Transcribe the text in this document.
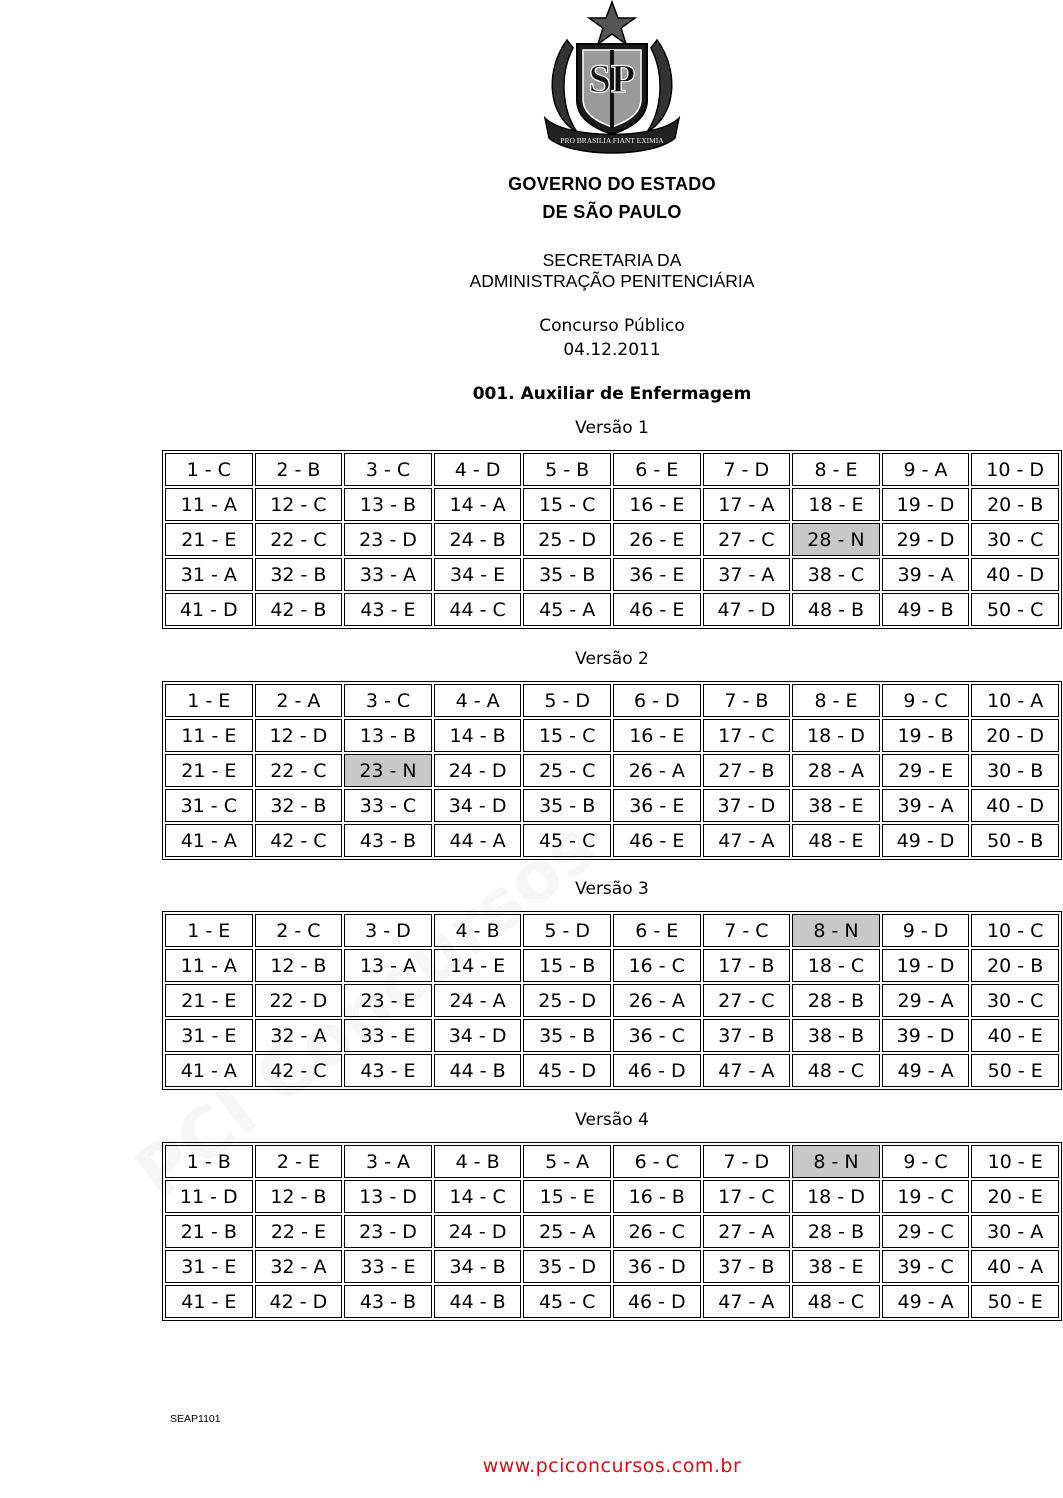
SP
PRO BRASILIA FIANT EXIMIA
GOVERNO DO ESTADO
DE SÃO PAULO
SECRETARIA DA
ADMINISTRAÇÃO PENITENCIÁRIA
Concurso Público
04.12.2011
001. Auxiliar de Enfermagem
Versão 1
1 - C	2 - B	3 - C	4 - D	5 - B	6 - E	7 - D	8 - E	9 - A	10 - D
11 - A	12 - C	13 - B	14 - A	15 - C	16 - E	17 - A	18 - E	19 - D	20 - B
21 - E	22 - C	23 - D	24 - B	25 - D	26 - E	27 - C	28 - N	29 - D	30 - C
31 - A	32 - B	33 - A	34 - E	35 - B	36 - E	37 - A	38 - C	39 - A	40 - D
41 - D	42 - B	43 - E	44 - C	45 - A	46 - E	47 - D	48 - B	49 - B	50 - C
Versão 2
1 - E	2 - A	3 - C	4 - A	5 - D	6 - D	7 - B	8 - E	9 - C	10 - A
11 - E	12 - D	13 - B	14 - B	15 - C	16 - E	17 - C	18 - D	19 - B	20 - D
21 - E	22 - C	23 - N	24 - D	25 - C	26 - A	27 - B	28 - A	29 - E	30 - B
31 - C	32 - B	33 - C	34 - D	35 - B	36 - E	37 - D	38 - E	39 - A	40 - D
41 - A	42 - C	43 - B	44 - A	45 - C	46 - E	47 - A	48 - E	49 - D	50 - B
Versão 3
1 - E	2 - C	3 - D	4 - B	5 - D	6 - E	7 - C	8 - N	9 - D	10 - C
11 - A	12 - B	13 - A	14 - E	15 - B	16 - C	17 - B	18 - C	19 - D	20 - B
21 - E	22 - D	23 - E	24 - A	25 - D	26 - A	27 - C	28 - B	29 - A	30 - C
31 - E	32 - A	33 - E	34 - D	35 - B	36 - C	37 - B	38 - B	39 - D	40 - E
41 - A	42 - C	43 - E	44 - B	45 - D	46 - D	47 - A	48 - C	49 - A	50 - E
Versão 4
1 - B	2 - E	3 - A	4 - B	5 - A	6 - C	7 - D	8 - N	9 - C	10 - E
11 - D	12 - B	13 - D	14 - C	15 - E	16 - B	17 - C	18 - D	19 - C	20 - E
21 - B	22 - E	23 - D	24 - D	25 - A	26 - C	27 - A	28 - B	29 - C	30 - A
31 - E	32 - A	33 - E	34 - B	35 - D	36 - D	37 - B	38 - E	39 - C	40 - A
41 - E	42 - D	43 - B	44 - B	45 - C	46 - D	47 - A	48 - C	49 - A	50 - E
SEAP1101
www.pciconcursos.com.br
